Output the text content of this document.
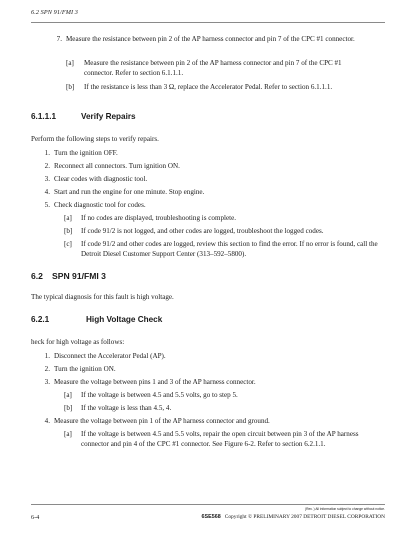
6.2 SPN 91/FMI 3
7. Measure the resistance between pin 2 of the AP harness connector and pin 7 of the CPC #1 connector.
[a] Measure the resistance between pin 2 of the AP harness connector and pin 7 of the CPC #1 connector. Refer to section 6.1.1.1.
[b] If the resistance is less than 3 Ω, replace the Accelerator Pedal. Refer to section 6.1.1.1.
6.1.1.1	Verify Repairs
Perform the following steps to verify repairs.
1. Turn the ignition OFF.
2. Reconnect all connectors. Turn ignition ON.
3. Clear codes with diagnostic tool.
4. Start and run the engine for one minute. Stop engine.
5. Check diagnostic tool for codes.
[a] If no codes are displayed, troubleshooting is complete.
[b] If code 91/2 is not logged, and other codes are logged, troubleshoot the logged codes.
[c] If code 91/2 and other codes are logged, review this section to find the error. If no error is found, call the Detroit Diesel Customer Support Center (313–592–5800).
6.2 SPN 91/FMI 3
The typical diagnosis for this fault is high voltage.
6.2.1	High Voltage Check
heck for high voltage as follows:
1. Disconnect the Accelerator Pedal (AP).
2. Turn the ignition ON.
3. Measure the voltage between pins 1 and 3 of the AP harness connector.
[a] If the voltage is between 4.5 and 5.5 volts, go to step 5.
[b] If the voltage is less than 4.5, 4.
4. Measure the voltage between pin 1 of the AP harness connector and ground.
[a] If the voltage is between 4.5 and 5.5 volts, repair the open circuit between pin 3 of the AP harness connector and pin 4 of the CPC #1 connector. See Figure 6-2. Refer to section 6.2.1.1.
(Rev. ) All information subject to change without notice.
6-4	6SE568 Copyright © PRELIMINARY 2007 DETROIT DIESEL CORPORATION
